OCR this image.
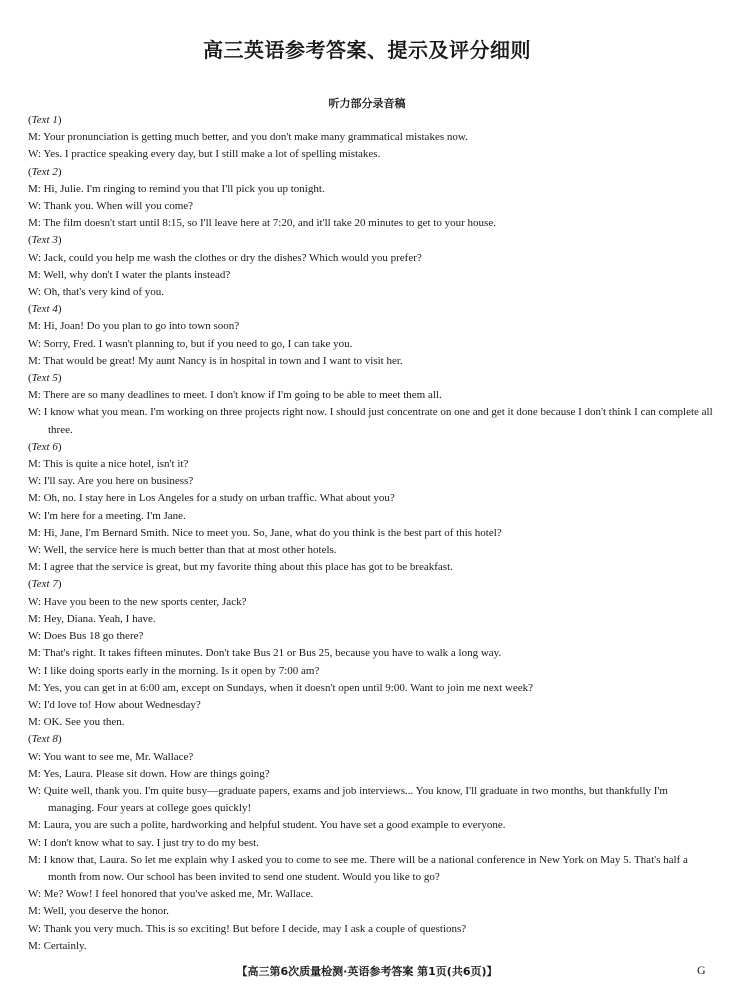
高三英语参考答案、提示及评分细则
听力部分录音稿
(Text 1)
M: Your pronunciation is getting much better, and you don't make many grammatical mistakes now.
W: Yes. I practice speaking every day, but I still make a lot of spelling mistakes.
(Text 2)
M: Hi, Julie. I'm ringing to remind you that I'll pick you up tonight.
W: Thank you. When will you come?
M: The film doesn't start until 8:15, so I'll leave here at 7:20, and it'll take 20 minutes to get to your house.
(Text 3)
W: Jack, could you help me wash the clothes or dry the dishes? Which would you prefer?
M: Well, why don't I water the plants instead?
W: Oh, that's very kind of you.
(Text 4)
M: Hi, Joan! Do you plan to go into town soon?
W: Sorry, Fred. I wasn't planning to, but if you need to go, I can take you.
M: That would be great! My aunt Nancy is in hospital in town and I want to visit her.
(Text 5)
M: There are so many deadlines to meet. I don't know if I'm going to be able to meet them all.
W: I know what you mean. I'm working on three projects right now. I should just concentrate on one and get it done because I don't think I can complete all three.
(Text 6)
M: This is quite a nice hotel, isn't it?
W: I'll say. Are you here on business?
M: Oh, no. I stay here in Los Angeles for a study on urban traffic. What about you?
W: I'm here for a meeting. I'm Jane.
M: Hi, Jane, I'm Bernard Smith. Nice to meet you. So, Jane, what do you think is the best part of this hotel?
W: Well, the service here is much better than that at most other hotels.
M: I agree that the service is great, but my favorite thing about this place has got to be breakfast.
(Text 7)
W: Have you been to the new sports center, Jack?
M: Hey, Diana. Yeah, I have.
W: Does Bus 18 go there?
M: That's right. It takes fifteen minutes. Don't take Bus 21 or Bus 25, because you have to walk a long way.
W: I like doing sports early in the morning. Is it open by 7:00 am?
M: Yes, you can get in at 6:00 am, except on Sundays, when it doesn't open until 9:00. Want to join me next week?
W: I'd love to! How about Wednesday?
M: OK. See you then.
(Text 8)
W: You want to see me, Mr. Wallace?
M: Yes, Laura. Please sit down. How are things going?
W: Quite well, thank you. I'm quite busy—graduate papers, exams and job interviews... You know, I'll graduate in two months, but thankfully I'm managing. Four years at college goes quickly!
M: Laura, you are such a polite, hardworking and helpful student. You have set a good example to everyone.
W: I don't know what to say. I just try to do my best.
M: I know that, Laura. So let me explain why I asked you to come to see me. There will be a national conference in New York on May 5. That's half a month from now. Our school has been invited to send one student. Would you like to go?
W: Me? Wow! I feel honored that you've asked me, Mr. Wallace.
M: Well, you deserve the honor.
W: Thank you very much. This is so exciting! But before I decide, may I ask a couple of questions?
M: Certainly.
【高三第6次质量检测·英语参考答案 第1页(共6页)】	G
